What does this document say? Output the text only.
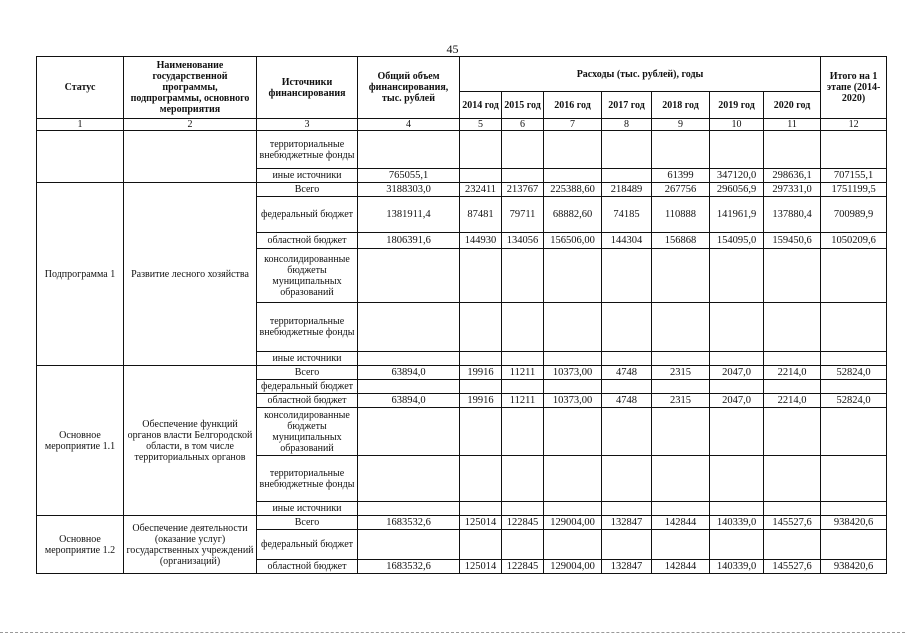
45
Статус	Наименование государственной программы, подпрограммы, основного мероприятия	Источники финансирования	Общий объем финансирования, тыс. рублей	Расходы (тыс. рублей), годы							Итого на 1 этапе (2014-2020)
				2014 год	2015 год	2016 год	2017 год	2018 год	2019 год	2020 год	
1	2	3	4	5	6	7	8	9	10	11	12
		территориальные внебюджетные фонды									
		иные источники	765055,1					61399	347120,0	298636,1	707155,1
Подпрограмма 1	Развитие лесного хозяйства	Всего	3188303,0	232411	213767	225388,60	218489	267756	296056,9	297331,0	1751199,5
		федеральный бюджет	1381911,4	87481	79711	68882,60	74185	110888	141961,9	137880,4	700989,9
		областной бюджет	1806391,6	144930	134056	156506,00	144304	156868	154095,0	159450,6	1050209,6
		консолидированные бюджеты муниципальных образований									
		территориальные внебюджетные фонды									
		иные источники									
Основное мероприятие 1.1	Обеспечение функций органов власти Белгородской области, в том числе территориальных органов	Всего	63894,0	19916	11211	10373,00	4748	2315	2047,0	2214,0	52824,0
		федеральный бюджет									
		областной бюджет	63894,0	19916	11211	10373,00	4748	2315	2047,0	2214,0	52824,0
		консолидированные бюджеты муниципальных образований									
		территориальные внебюджетные фонды									
		иные источники									
Основное мероприятие 1.2	Обеспечение деятельности (оказание услуг) государственных учреждений (организаций)	Всего	1683532,6	125014	122845	129004,00	132847	142844	140339,0	145527,6	938420,6
		федеральный бюджет									
		областной бюджет	1683532,6	125014	122845	129004,00	132847	142844	140339,0	145527,6	938420,6
